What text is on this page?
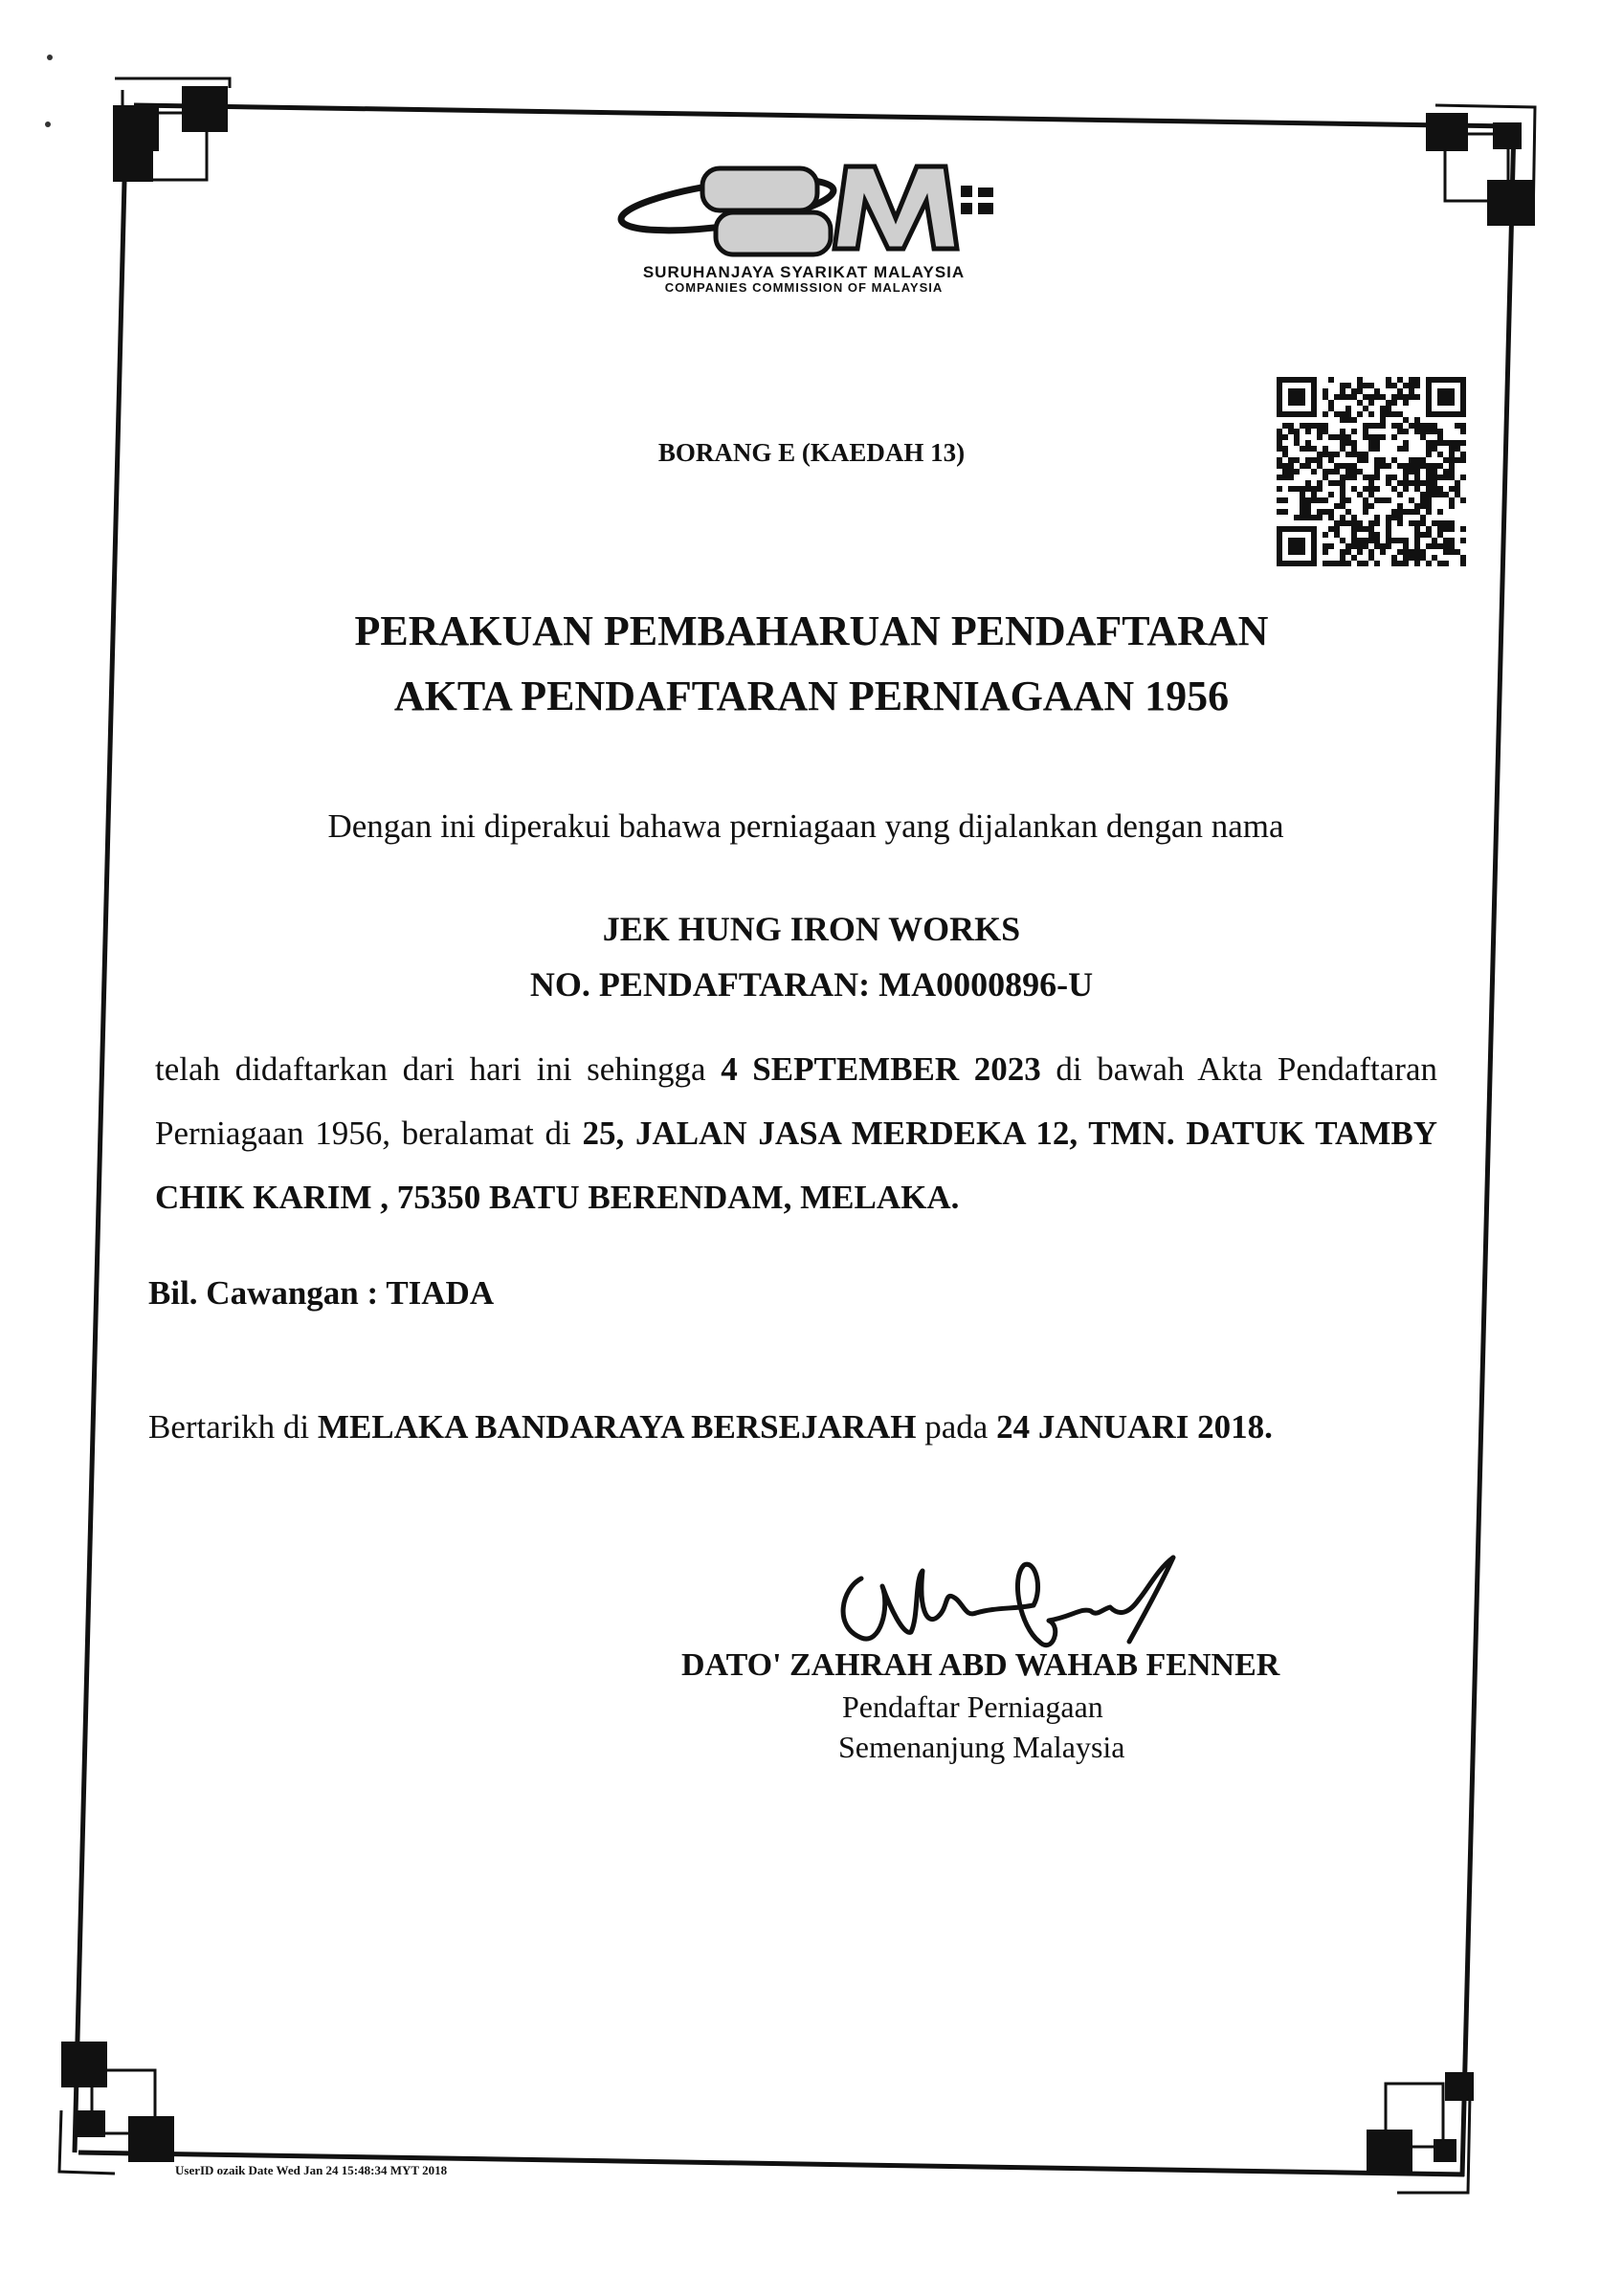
SURUHANJAYA SYARIKAT MALAYSIA
COMPANIES COMMISSION OF MALAYSIA
BORANG E (KAEDAH 13)
PERAKUAN PEMBAHARUAN PENDAFTARAN
AKTA PENDAFTARAN PERNIAGAAN 1956
Dengan ini diperakui bahawa perniagaan yang dijalankan dengan nama
JEK HUNG IRON WORKS
NO. PENDAFTARAN: MA0000896-U
telah didaftarkan dari hari ini sehingga 4 SEPTEMBER 2023 di bawah Akta Pendaftaran Perniagaan 1956, beralamat di 25, JALAN JASA MERDEKA 12, TMN. DATUK TAMBY CHIK KARIM , 75350 BATU BERENDAM, MELAKA.
Bil. Cawangan : TIADA
Bertarikh di MELAKA BANDARAYA BERSEJARAH pada 24 JANUARI 2018.
DATO' ZAHRAH ABD WAHAB FENNER
Pendaftar Perniagaan
Semenanjung Malaysia
UserID ozaik Date Wed Jan 24 15:48:34 MYT 2018
